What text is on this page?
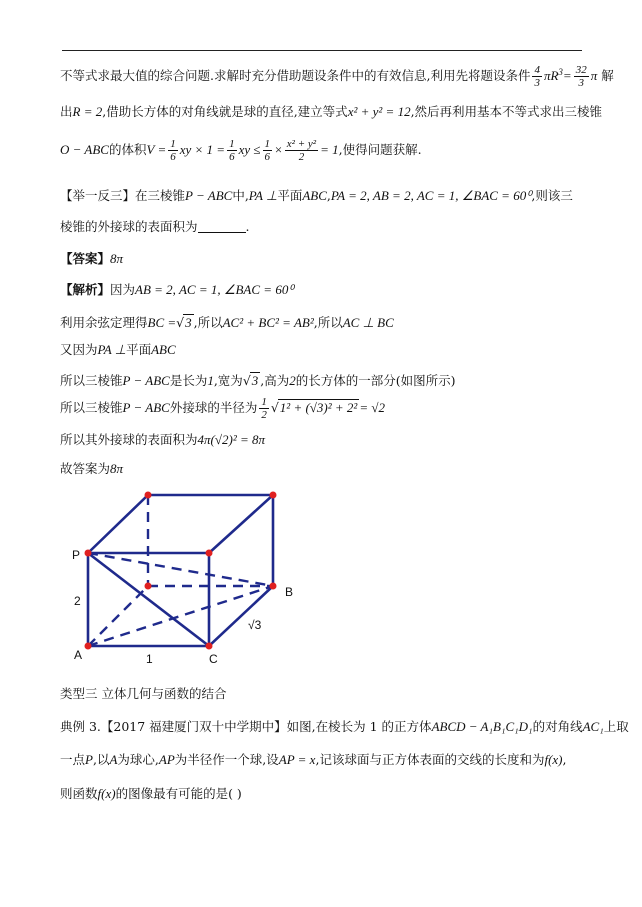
不等式求最大值的综合问题.求解时充分借助题设条件中的有效信息,利用先将题设条件 $\frac{4}{3} \pi R^3= \frac{32}{3}$ π 解
出R = 2,借助长方体的对角线就是球的直径,建立等式x² + y² = 12,然后再利用基本不等式求出三棱锥
O − ABC的体积$V = \frac{1}{6}$ xy × $1 = \frac{1}{6}$ xy ≤ $\frac{1}{6} \times \frac{\text{x² + y²}}{2} = 1$,使得问题获解.
【举一反三】在三棱锥P − ABC中,PA ⊥平面ABC,PA = 2, AB = 2, AC = 1, ∠BAC = 60⁰,则该三
棱锥的外接球的表面积为	.
【答案】8π
【解析】因为AB = 2, AC = 1, ∠BAC = 60⁰
利用余弦定理得BC =√3 ,所以AC² + BC² = AB²,所以AC ⊥ BC
又因为PA ⊥平面ABC
所以三棱锥P − ABC是长为1,宽为√3 ,高为2的长方体的一部分(如图所示)
所以三棱锥P − ABC外接球的半径为 $\frac{1}{2} √1^2 + (√3)^2 + 2^2 = √2$
所以其外接球的表面积为4π(√2)² = 8π
故答案为8π
P
A
B
C
2
1
√3
类型三 立体几何与函数的结合
典例 3.【2017 福建厦门双十中学期中】如图,在棱长为 1 的正方体ABCD − A₁B₁C₁D₁的对角线AC₁上取
一点P,以A为球心,AP为半径作一个球,设AP = x,记该球面与正方体表面的交线的长度和为f(x),
则函数f(x)的图像最有可能的是( )
